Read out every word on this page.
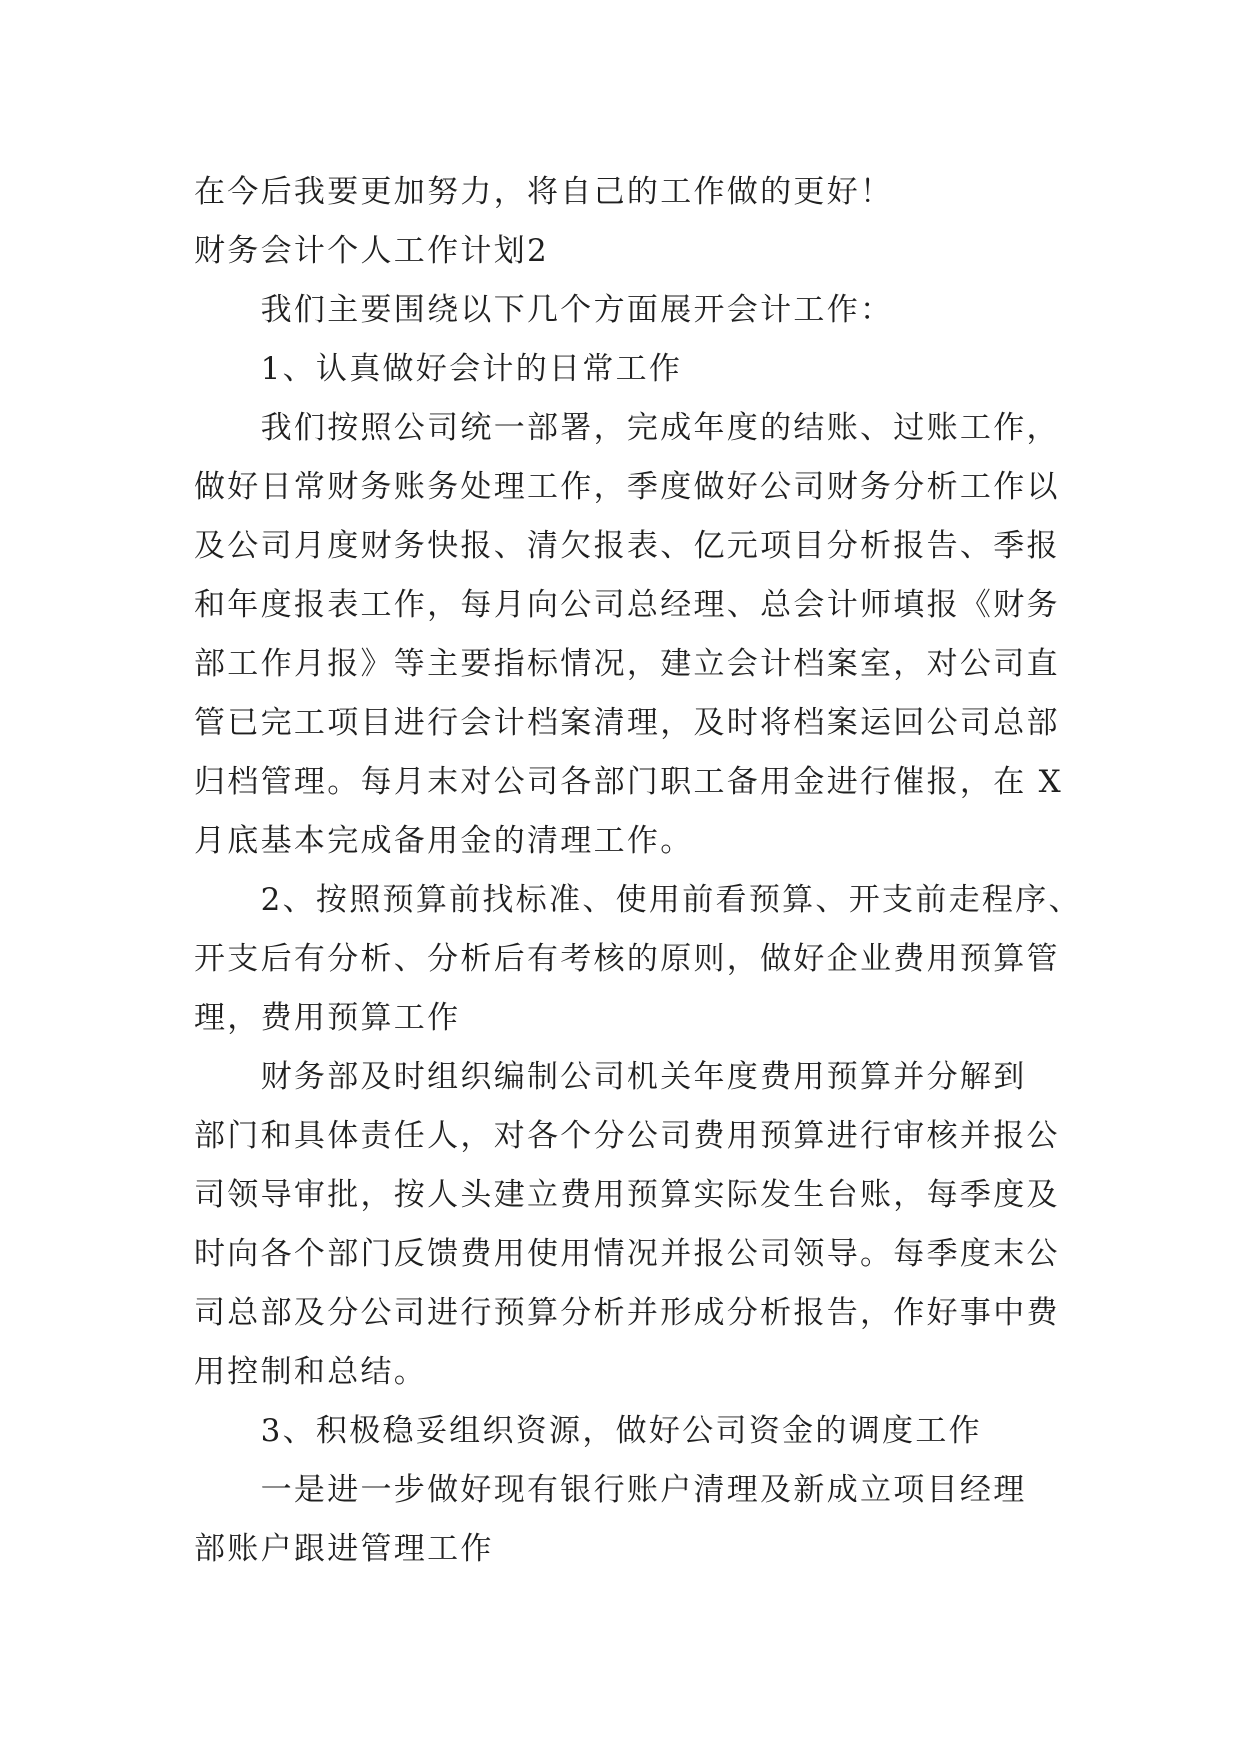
在今后我要更加努力，将自己的工作做的更好！
财务会计个人工作计划2
我们主要围绕以下几个方面展开会计工作：
1、认真做好会计的日常工作
我们按照公司统一部署，完成年度的结账、过账工作，
做好日常财务账务处理工作，季度做好公司财务分析工作以
及公司月度财务快报、清欠报表、亿元项目分析报告、季报
和年度报表工作，每月向公司总经理、总会计师填报《财务
部工作月报》等主要指标情况，建立会计档案室，对公司直
管已完工项目进行会计档案清理，及时将档案运回公司总部
归档管理。每月末对公司各部门职工备用金进行催报，在 X
月底基本完成备用金的清理工作。
2、按照预算前找标准、使用前看预算、开支前走程序、
开支后有分析、分析后有考核的原则，做好企业费用预算管
理，费用预算工作
财务部及时组织编制公司机关年度费用预算并分解到
部门和具体责任人，对各个分公司费用预算进行审核并报公
司领导审批，按人头建立费用预算实际发生台账，每季度及
时向各个部门反馈费用使用情况并报公司领导。每季度末公
司总部及分公司进行预算分析并形成分析报告，作好事中费
用控制和总结。
3、积极稳妥组织资源，做好公司资金的调度工作
一是进一步做好现有银行账户清理及新成立项目经理
部账户跟进管理工作
